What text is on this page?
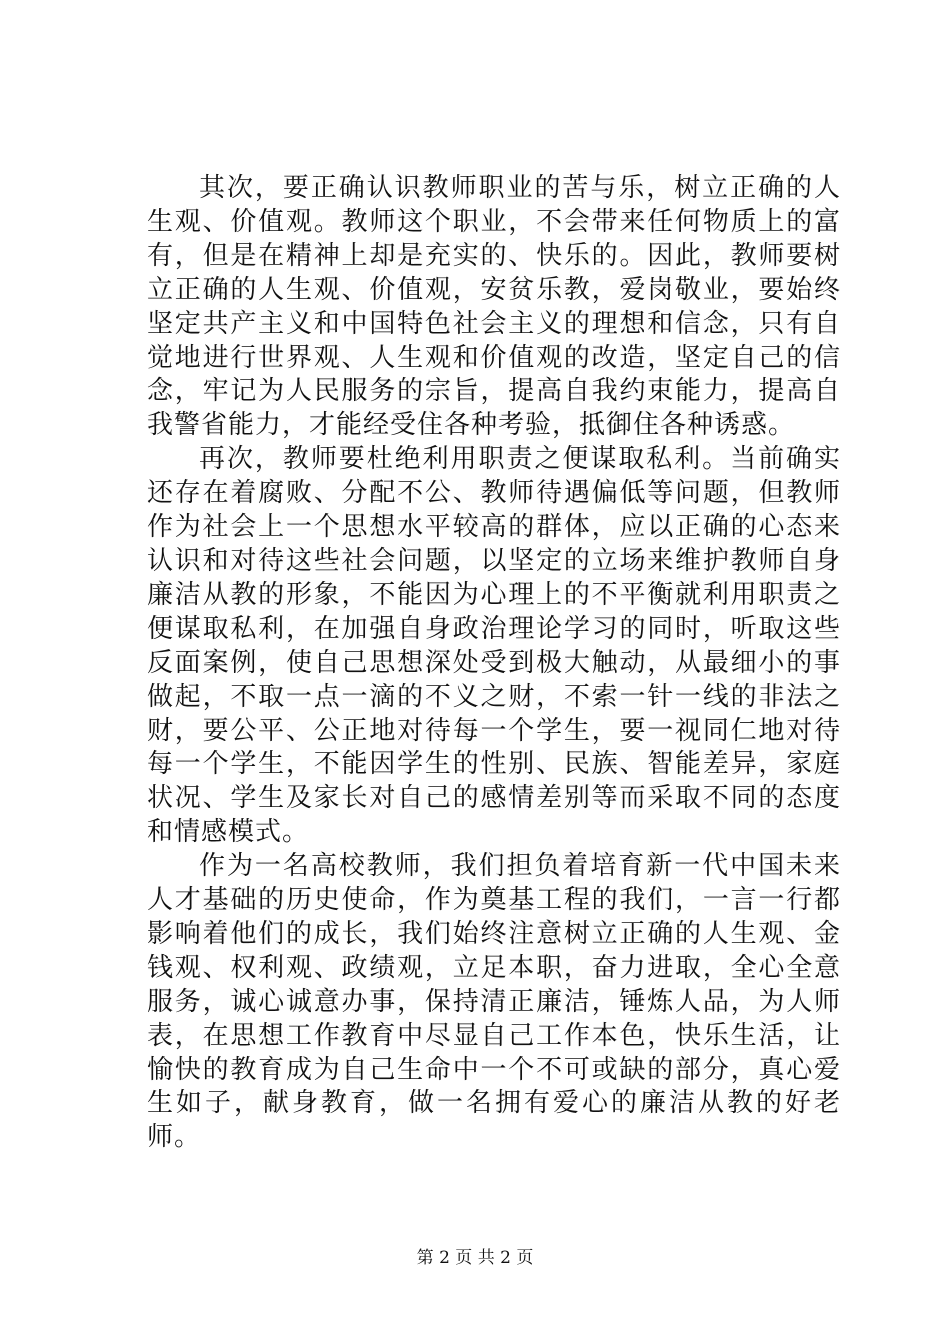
其次，要正确认识教师职业的苦与乐，树立正确的人生观、价值观。教师这个职业，不会带来任何物质上的富有，但是在精神上却是充实的、快乐的。因此，教师要树立正确的人生观、价值观，安贫乐教，爱岗敬业，要始终坚定共产主义和中国特色社会主义的理想和信念，只有自觉地进行世界观、人生观和价值观的改造，坚定自己的信念，牢记为人民服务的宗旨，提高自我约束能力，提高自我警省能力，才能经受住各种考验，抵御住各种诱惑。

再次，教师要杜绝利用职责之便谋取私利。当前确实还存在着腐败、分配不公、教师待遇偏低等问题，但教师作为社会上一个思想水平较高的群体，应以正确的心态来认识和对待这些社会问题，以坚定的立场来维护教师自身廉洁从教的形象，不能因为心理上的不平衡就利用职责之便谋取私利，在加强自身政治理论学习的同时，听取这些反面案例，使自己思想深处受到极大触动，从最细小的事做起，不取一点一滴的不义之财，不索一针一线的非法之财，要公平、公正地对待每一个学生，要一视同仁地对待每一个学生，不能因学生的性别、民族、智能差异，家庭状况、学生及家长对自己的感情差别等而采取不同的态度和情感模式。

作为一名高校教师，我们担负着培育新一代中国未来人才基础的历史使命，作为奠基工程的我们，一言一行都影响着他们的成长，我们始终注意树立正确的人生观、金钱观、权利观、政绩观，立足本职，奋力进取，全心全意服务，诚心诚意办事，保持清正廉洁，锤炼人品，为人师表，在思想工作教育中尽显自己工作本色，快乐生活，让愉快的教育成为自己生命中一个不可或缺的部分，真心爱生如子，献身教育，做一名拥有爱心的廉洁从教的好老师。

第 2 页 共 2 页
